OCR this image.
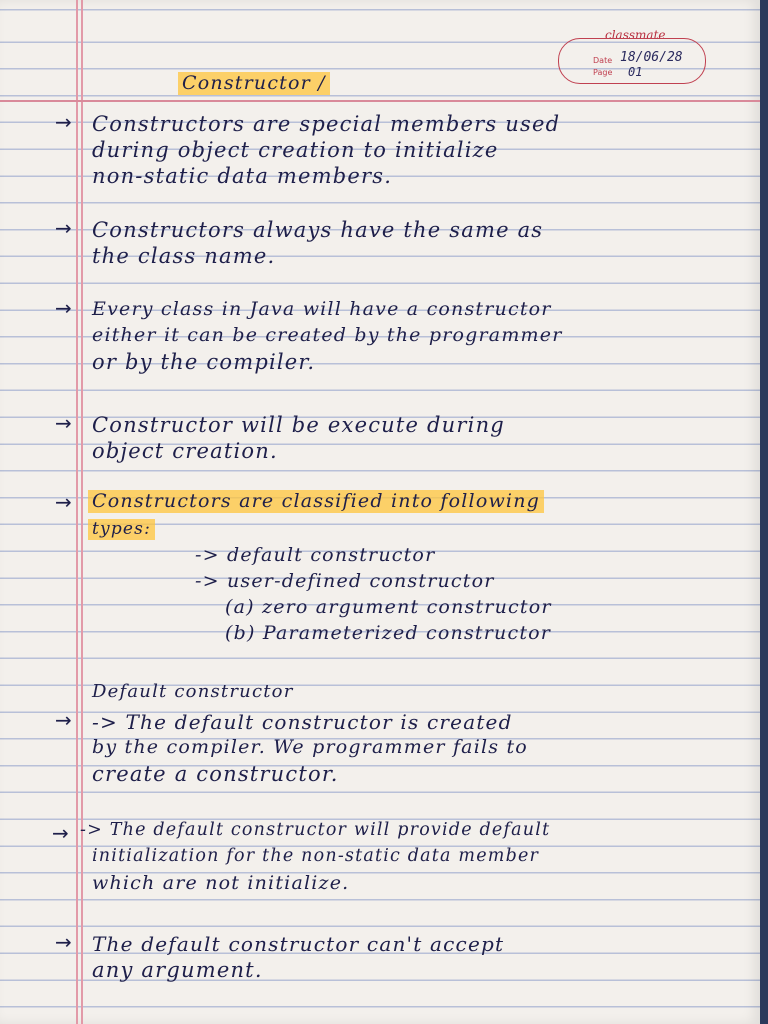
classmate
Date
Page
18/06/28
01
Constructor /
→
→
→
→
→
→
→
→
Constructors are special members used
during object creation to initialize
non-static data members.
Constructors always have the same as
the class name.
Every class in Java will have a constructor
either it can be created by the programmer
or by the compiler.
Constructor will be execute during
object creation.
Constructors are classified into following
types:
-> default constructor
-> user-defined constructor
(a) zero argument constructor
(b) Parameterized constructor
Default constructor
-> The default constructor is created
by the compiler. We programmer fails to
create a constructor.
-> The default constructor will provide default
initialization for the non-static data member
which are not initialize.
The default constructor can't accept
any argument.
